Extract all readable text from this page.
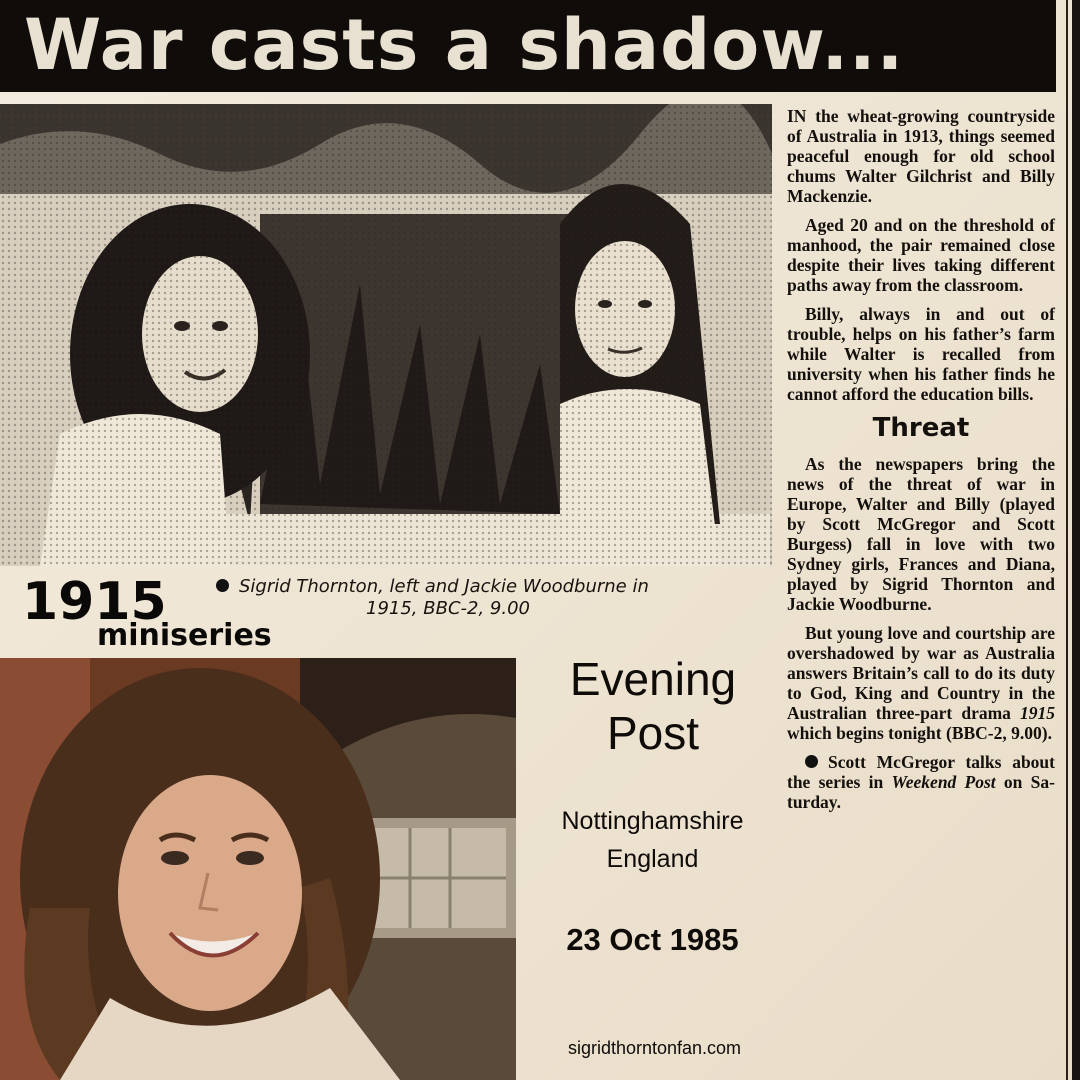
War casts a shadow...
Sigrid Thornton, left and Jackie Woodburne in
1915, BBC-2, 9.00
1915
miniseries
Evening
Post
Nottinghamshire
England
23 Oct 1985
sigridthorntonfan.com

IN the wheat-growing countryside of Australia in 1913, things seemed peaceful enough for old school chums Walter Gilchrist and Billy Mackenzie.

Aged 20 and on the threshold of manhood, the pair remained close despite their lives taking different paths away from the classroom.

Billy, always in and out of trouble, helps on his father’s farm while Walter is recalled from university when his father finds he cannot afford the education bills.

Threat

As the newspapers bring the news of the threat of war in Europe, Walter and Billy (played by Scott McGregor and Scott Burgess) fall in love with two Sydney girls, Frances and Diana, played by Sigrid Thornton and Jackie Woodburne.

But young love and courtship are overshadowed by war as Australia answers Britain’s call to do its duty to God, King and Country in the Australian three-part drama 1915 which begins tonight (BBC-2, 9.00).

Scott McGregor talks about the series in Weekend Post on Saturday.
